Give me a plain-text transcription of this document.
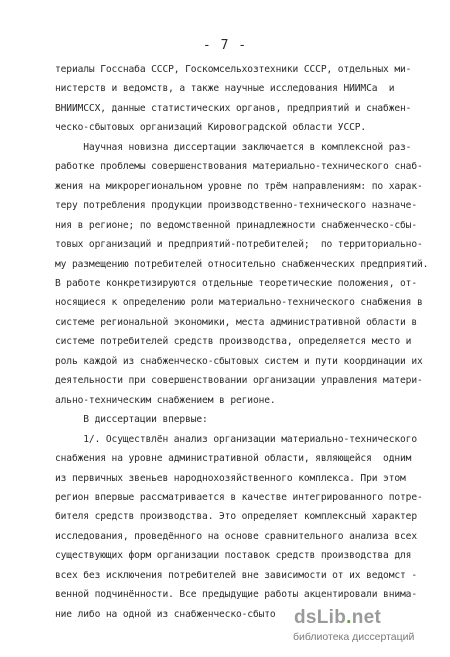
- 7 -
териалы Госснаба СССР, Госкомсельхозтехники СССР, отдельных ми-
нистерств и ведомств, а также научные исследования НИИМСа  и
ВНИИМССХ, данные статистических органов, предприятий и снабжен-
ческо-сбытовых организаций Кировоградской области УССР.
Научная новизна диссертации заключается в комплексной раз-
работке проблемы совершенствования материально-технического снаб-
жения на микрорегиональном уровне по трём направлениям: по харак-
теру потребления продукции производственно-технического назначе-
ния в регионе; по ведомственной принадлежности снабженческо-сбы-
товых организаций и предприятий-потребителей;  по территориально-
му размещению потребителей относительно снабженческих предприятий.
В работе конкретизируются отдельные теоретические положения, от-
носящиеся к определению роли материально-технического снабжения в
системе региональной экономики, места административной области в
системе потребителей средств производства, определяется место и
роль каждой из снабженческо-сбытовых систем и пути координации их
деятельности при совершенствовании организации управления матери-
ально-техническим снабжением в регионе.
В диссертации впервые:
1/. Осуществлён анализ организации материально-технического
снабжения на уровне административной области, являющейся  одним
из первичных звеньев народнохозяйственного комплекса. При этом
регион впервые рассматривается в качестве интегрированного потре-
бителя средств производства. Это определяет комплексный характер
исследования, проведённого на основе сравнительного анализа всех
существующих форм организации поставок средств производства для
всех без исключения потребителей вне зависимости от их ведомст -
венной подчинённости. Все предыдущие работы акцентировали внима-
ние либо на одной из снабженческо-сбыто dsLib.net
библиотека диссертаций
